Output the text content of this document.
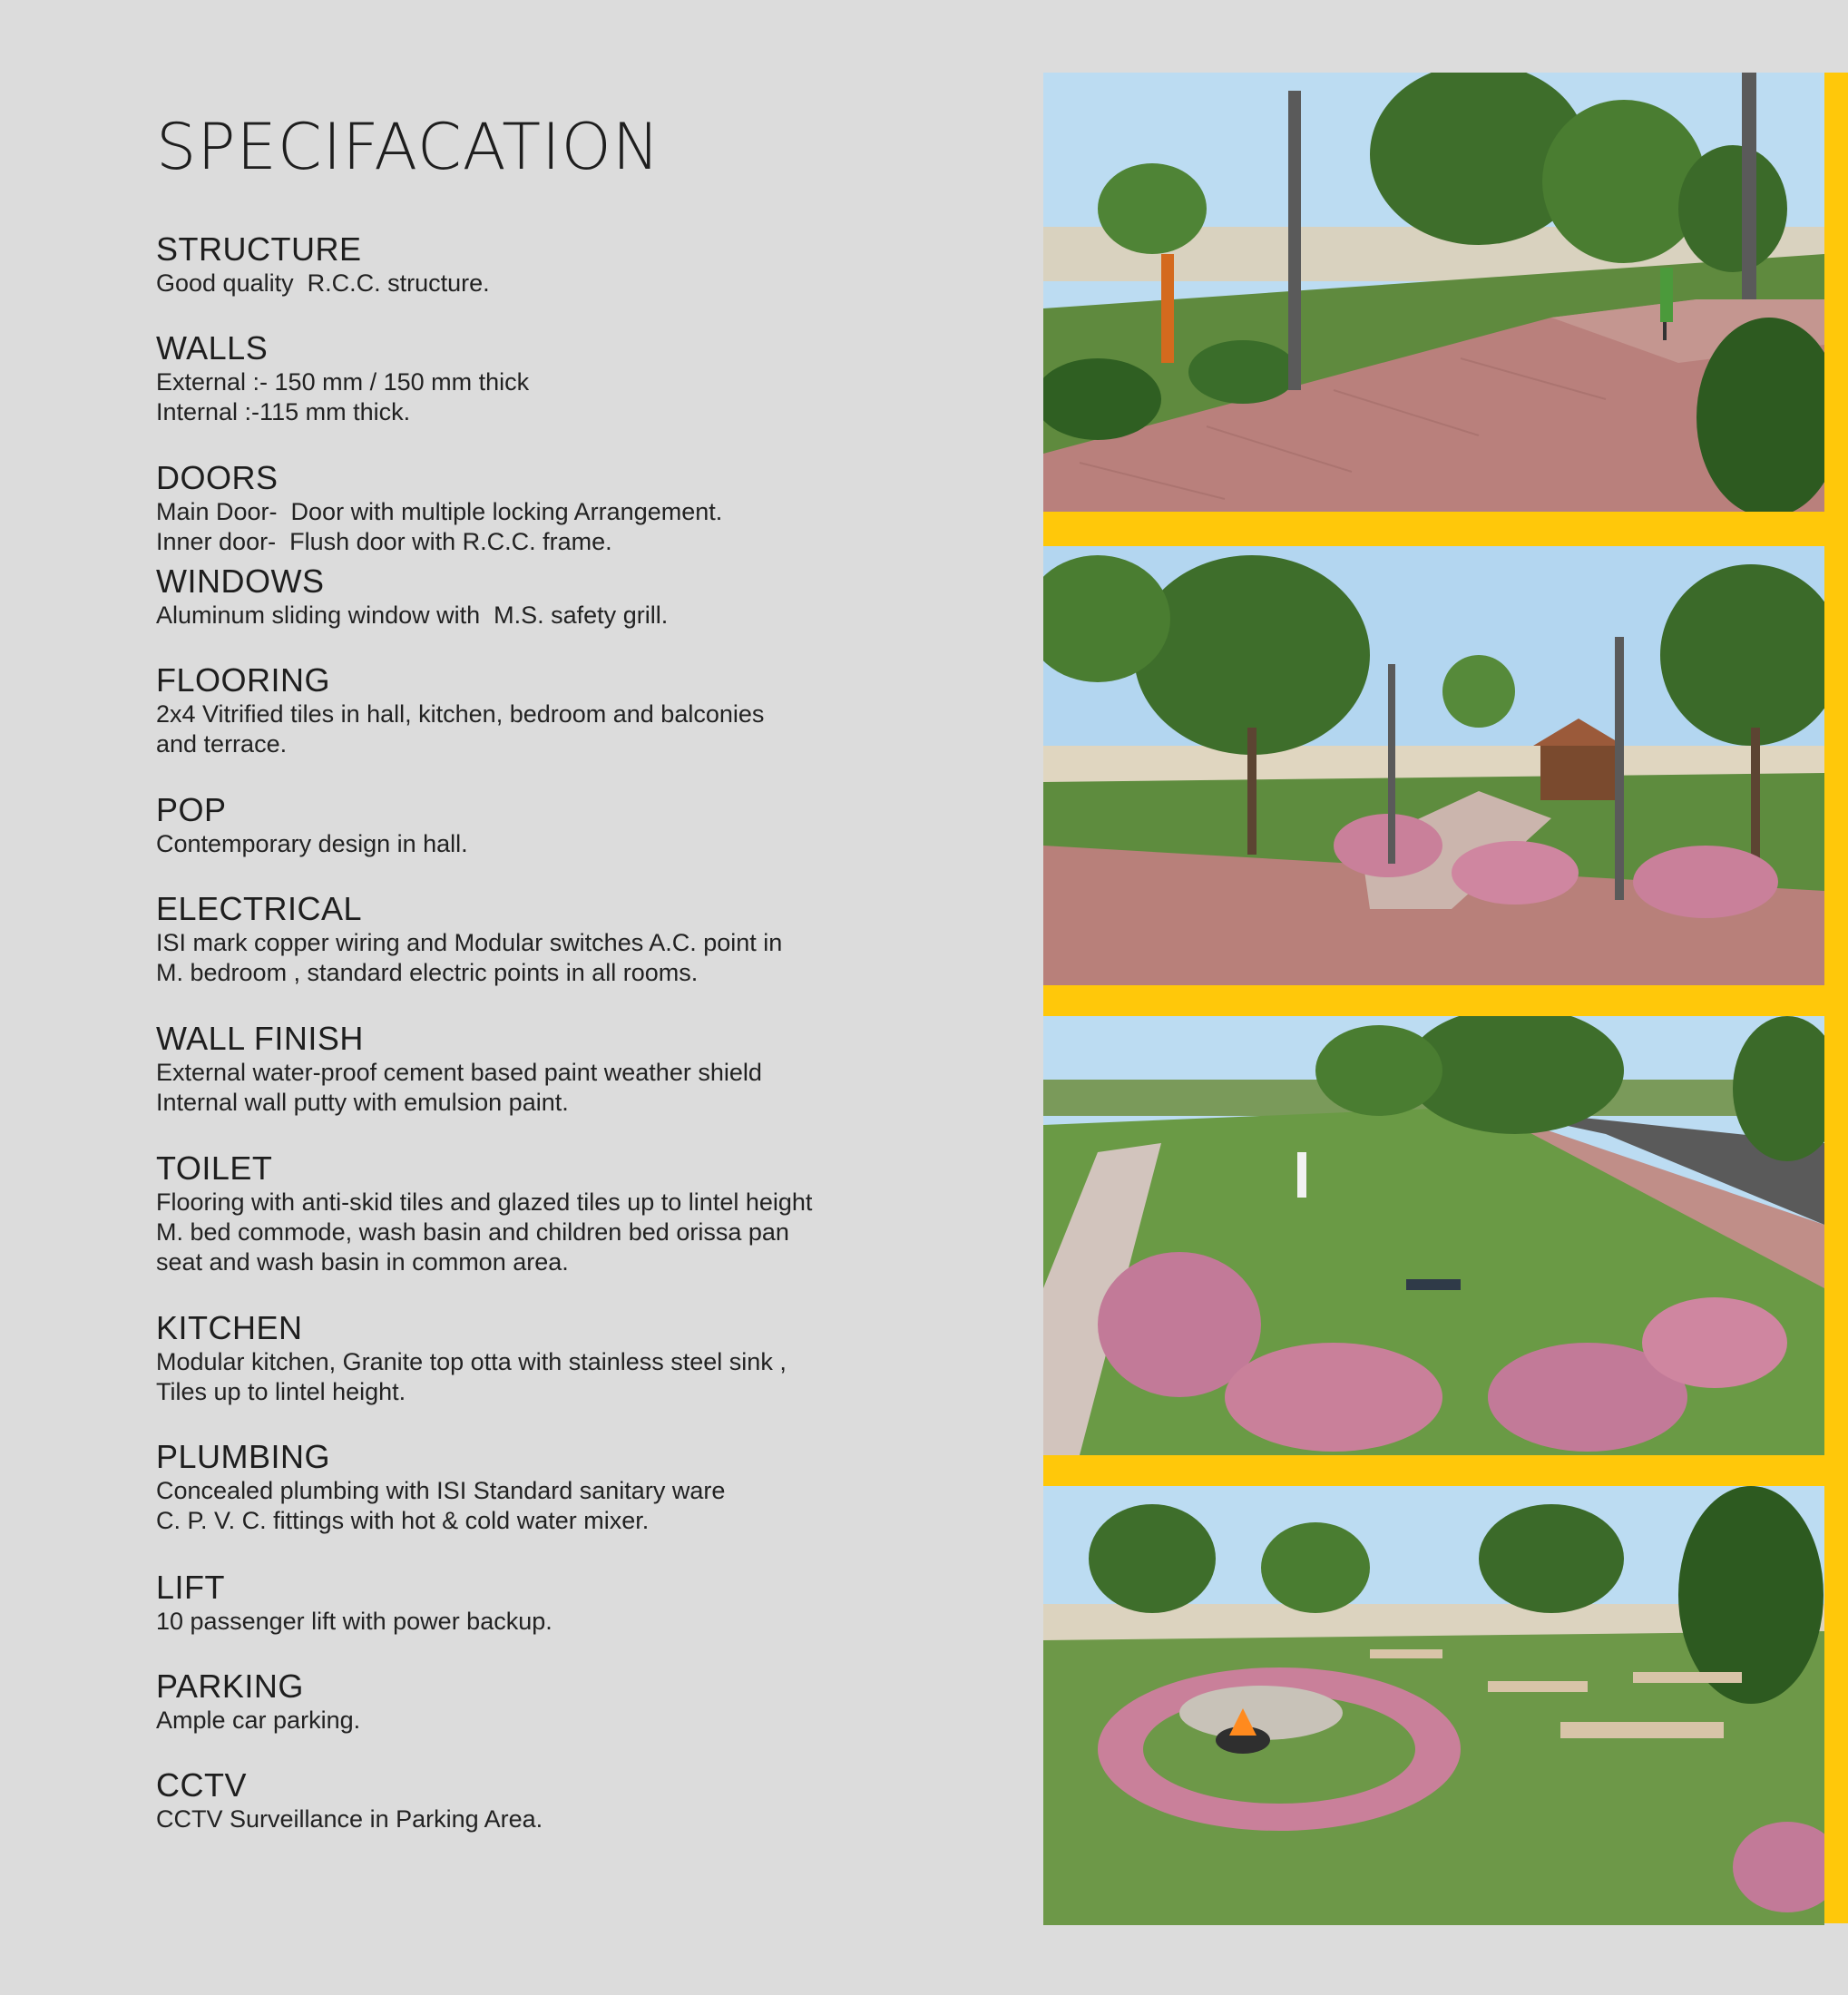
SPECIFACATION
STRUCTURE
Good quality  R.C.C. structure.
WALLS
External :- 150 mm / 150 mm thick
Internal :-115 mm thick.
DOORS
Main Door-  Door with multiple locking Arrangement.
Inner door-  Flush door with R.C.C. frame.
WINDOWS
Aluminum sliding window with  M.S. safety grill.
FLOORING
2x4 Vitrified tiles in hall, kitchen, bedroom and balconies
and terrace.
POP
Contemporary design in hall.
ELECTRICAL
ISI mark copper wiring and Modular switches A.C. point in
M. bedroom , standard electric points in all rooms.
WALL FINISH
External water-proof cement based paint weather shield
Internal wall putty with emulsion paint.
TOILET
Flooring with anti-skid tiles and glazed tiles up to lintel height
M. bed commode, wash basin and children bed orissa pan
seat and wash basin in common area.
KITCHEN
Modular kitchen, Granite top otta with stainless steel sink ,
Tiles up to lintel height.
PLUMBING
Concealed plumbing with ISI Standard sanitary ware
C. P. V. C. fittings with hot & cold water mixer.
LIFT
10 passenger lift with power backup.
PARKING
Ample car parking.
CCTV
CCTV Surveillance in Parking Area.
